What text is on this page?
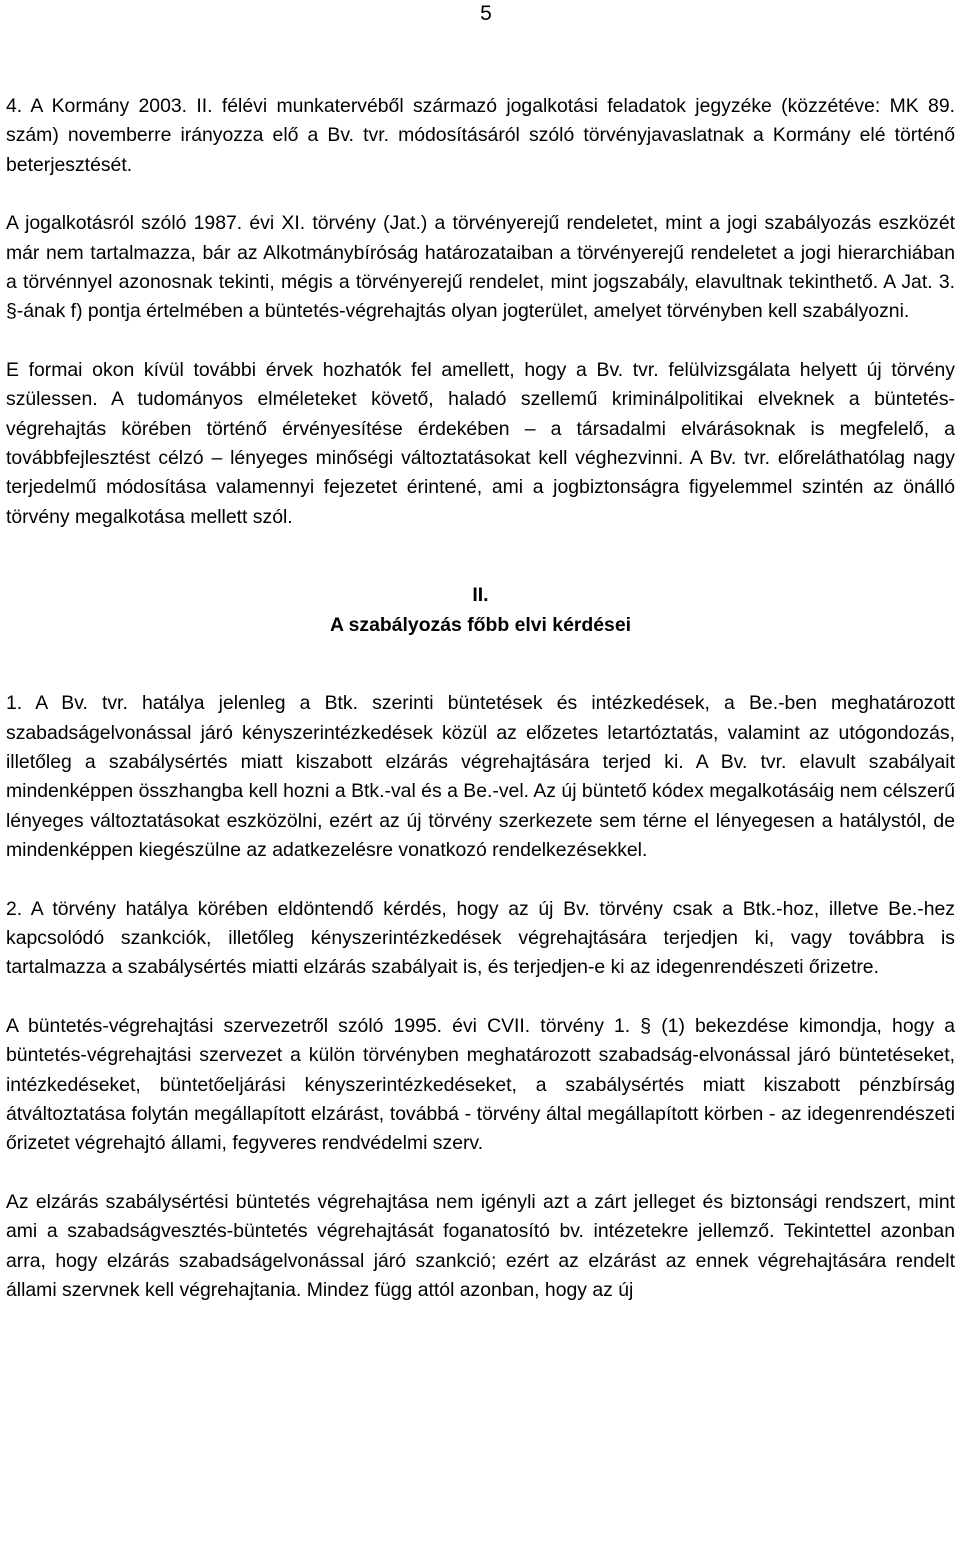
5

4. A Kormány 2003. II. félévi munkatervéből származó jogalkotási feladatok jegyzéke (közzétéve: MK 89. szám) novemberre irányozza elő a Bv. tvr. módosításáról szóló törvényjavaslatnak a Kormány elé történő beterjesztését.

A jogalkotásról szóló 1987. évi XI. törvény (Jat.) a törvényerejű rendeletet, mint a jogi szabályozás eszközét már nem tartalmazza, bár az Alkotmánybíróság határozataiban a törvényerejű rendeletet a jogi hierarchiában a törvénnyel azonosnak tekinti, mégis a törvényerejű rendelet, mint jogszabály, elavultnak tekinthető. A Jat. 3. §-ának f) pontja értelmében a büntetés-végrehajtás olyan jogterület, amelyet törvényben kell szabályozni.

E formai okon kívül további érvek hozhatók fel amellett, hogy a Bv. tvr. felülvizsgálata helyett új törvény szülessen. A tudományos elméleteket követő, haladó szellemű kriminálpolitikai elveknek a büntetés-végrehajtás körében történő érvényesítése érdekében – a társadalmi elvárásoknak is megfelelő, a továbbfejlesztést célzó – lényeges minőségi változtatásokat kell véghezvinni. A Bv. tvr. előreláthatólag nagy terjedelmű módosítása valamennyi fejezetet érintené, ami a jogbiztonságra figyelemmel szintén az önálló törvény megalkotása mellett szól.

II.
A szabályozás főbb elvi kérdései

1. A Bv. tvr. hatálya jelenleg a Btk. szerinti büntetések és intézkedések, a Be.-ben meghatározott szabadságelvonással járó kényszerintézkedések közül az előzetes letartóztatás, valamint az utógondozás, illetőleg a szabálysértés miatt kiszabott elzárás végrehajtására terjed ki. A Bv. tvr. elavult szabályait mindenképpen összhangba kell hozni a Btk.-val és a Be.-vel. Az új büntető kódex megalkotásáig nem célszerű lényeges változtatásokat eszközölni, ezért az új törvény szerkezete sem térne el lényegesen a hatálystól, de mindenképpen kiegészülne az adatkezelésre vonatkozó rendelkezésekkel.

2. A törvény hatálya körében eldöntendő kérdés, hogy az új Bv. törvény csak a Btk.-hoz, illetve Be.-hez kapcsolódó szankciók, illetőleg kényszerintézkedések végrehajtására terjedjen ki, vagy továbbra is tartalmazza a szabálysértés miatti elzárás szabályait is, és terjedjen-e ki az idegenrendészeti őrizetre.

A büntetés-végrehajtási szervezetről szóló 1995. évi CVII. törvény 1. § (1) bekezdése kimondja, hogy a büntetés-végrehajtási szervezet a külön törvényben meghatározott szabadság-elvonással járó büntetéseket, intézkedéseket, büntetőeljárási kényszerintézkedéseket, a szabálysértés miatt kiszabott pénzbírság átváltoztatása folytán megállapított elzárást, továbbá - törvény által megállapított körben - az idegenrendészeti őrizetet végrehajtó állami, fegyveres rendvédelmi szerv.

Az elzárás szabálysértési büntetés végrehajtása nem igényli azt a zárt jelleget és biztonsági rendszert, mint ami a szabadságvesztés-büntetés végrehajtását foganatosító bv. intézetekre jellemző. Tekintettel azonban arra, hogy elzárás szabadságelvonással járó szankció; ezért az elzárást az ennek végrehajtására rendelt állami szervnek kell végrehajtania. Mindez függ attól azonban, hogy az új
